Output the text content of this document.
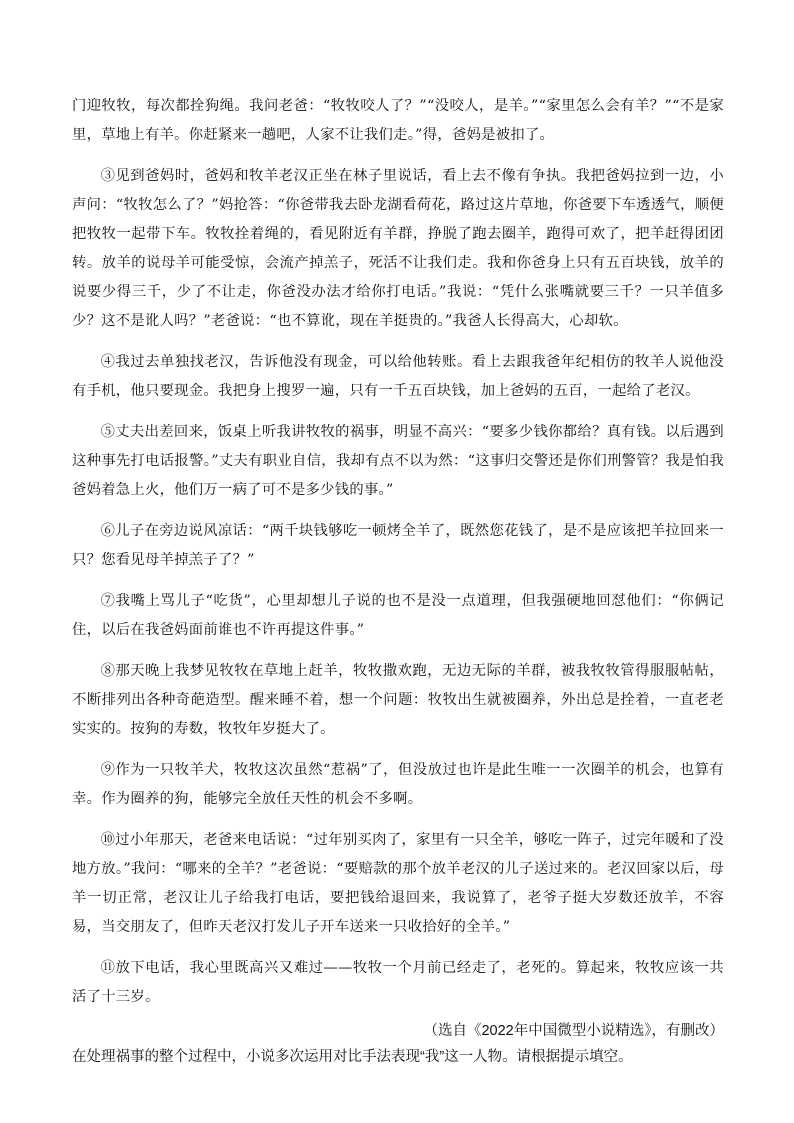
门迎牧牧，每次都拴狗绳。我问老爸：“牧牧咬人了？”“没咬人，是羊。”“家里怎么会有羊？”“不是家里，草地上有羊。你赶紧来一趟吧，人家不让我们走。”得，爸妈是被扣了。

③见到爸妈时，爸妈和牧羊老汉正坐在林子里说话，看上去不像有争执。我把爸妈拉到一边，小声问：“牧牧怎么了？”妈抢答：“你爸带我去卧龙湖看荷花，路过这片草地，你爸要下车透透气，顺便把牧牧一起带下车。牧牧拴着绳的，看见附近有羊群，挣脱了跑去圈羊，跑得可欢了，把羊赶得团团转。放羊的说母羊可能受惊，会流产掉羔子，死活不让我们走。我和你爸身上只有五百块钱，放羊的说要少得三千，少了不让走，你爸没办法才给你打电话。”我说：“凭什么张嘴就要三千？一只羊值多少？这不是讹人吗？”老爸说：“也不算讹，现在羊挺贵的。”我爸人长得高大，心却软。

④我过去单独找老汉，告诉他没有现金，可以给他转账。看上去跟我爸年纪相仿的牧羊人说他没有手机，他只要现金。我把身上搜罗一遍，只有一千五百块钱，加上爸妈的五百，一起给了老汉。

⑤丈夫出差回来，饭桌上听我讲牧牧的祸事，明显不高兴：“要多少钱你都给？真有钱。以后遇到这种事先打电话报警。”丈夫有职业自信，我却有点不以为然：“这事归交警还是你们刑警管？我是怕我爸妈着急上火，他们万一病了可不是多少钱的事。”

⑥儿子在旁边说风凉话：“两千块钱够吃一顿烤全羊了，既然您花钱了，是不是应该把羊拉回来一只？您看见母羊掉羔子了？”

⑦我嘴上骂儿子“吃货”，心里却想儿子说的也不是没一点道理，但我强硬地回怼他们：“你俩记住，以后在我爸妈面前谁也不许再提这件事。”

⑧那天晚上我梦见牧牧在草地上赶羊，牧牧撒欢跑，无边无际的羊群，被我牧牧管得服服帖帖，不断排列出各种奇葩造型。醒来睡不着，想一个问题：牧牧出生就被圈养，外出总是拴着，一直老老实实的。按狗的寿数，牧牧年岁挺大了。

⑨作为一只牧羊犬，牧牧这次虽然“惹祸”了，但没放过也许是此生唯一一次圈羊的机会，也算有幸。作为圈养的狗，能够完全放任天性的机会不多啊。

⑩过小年那天，老爸来电话说：“过年别买肉了，家里有一只全羊，够吃一阵子，过完年暖和了没地方放。”我问：“哪来的全羊？”老爸说：“要赔款的那个放羊老汉的儿子送过来的。老汉回家以后，母羊一切正常，老汉让儿子给我打电话，要把钱给退回来，我说算了，老爷子挺大岁数还放羊，不容易，当交朋友了，但昨天老汉打发儿子开车送来一只收拾好的全羊。”

⑪放下电话，我心里既高兴又难过——牧牧一个月前已经走了，老死的。算起来，牧牧应该一共活了十三岁。

（选自《2022年中国微型小说精选》，有删改）

在处理祸事的整个过程中，小说多次运用对比手法表现“我”这一人物。请根据提示填空。
